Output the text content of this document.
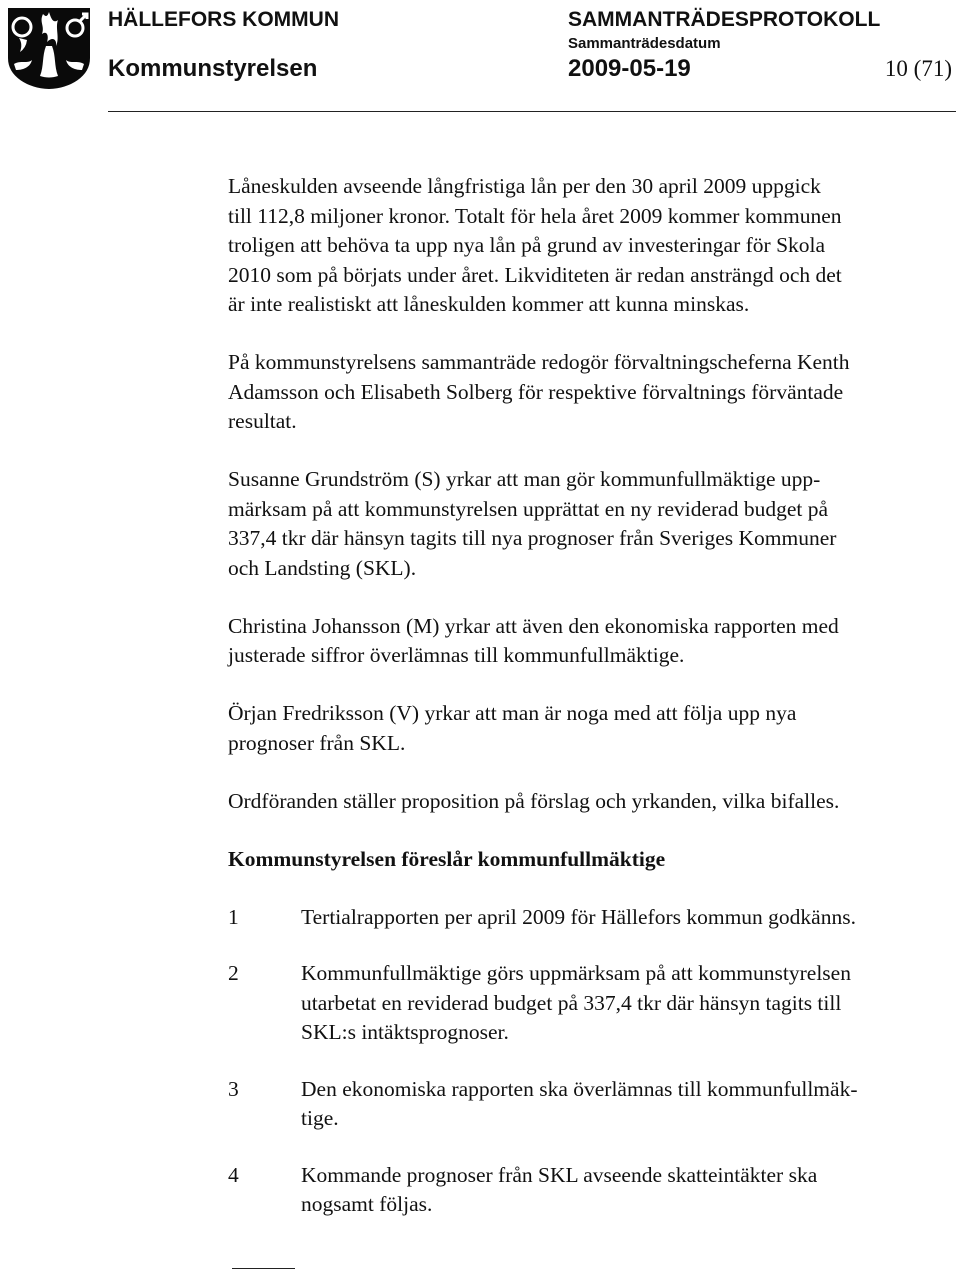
HÄLLEFORS KOMMUN
Kommunstyrelsen
SAMMANTRÄDESPROTOKOLL
Sammanträdesdatum
2009-05-19	10 (71)

Låneskulden avseende långfristiga lån per den 30 april 2009 uppgick
till 112,8 miljoner kronor. Totalt för hela året 2009 kommer kommunen
troligen att behöva ta upp nya lån på grund av investeringar för Skola
2010 som på börjats under året. Likviditeten är redan ansträngd och det
är inte realistiskt att låneskulden kommer att kunna minskas.

På kommunstyrelsens sammanträde redogör förvaltningscheferna Kenth
Adamsson och Elisabeth Solberg för respektive förvaltnings förväntade
resultat.

Susanne Grundström (S) yrkar att man gör kommunfullmäktige upp-
märksam på att kommunstyrelsen upprättat en ny reviderad budget på
337,4 tkr där hänsyn tagits till nya prognoser från Sveriges Kommuner
och Landsting (SKL).

Christina Johansson (M) yrkar att även den ekonomiska rapporten med
justerade siffror överlämnas till kommunfullmäktige.

Örjan Fredriksson (V) yrkar att man är noga med att följa upp nya
prognoser från SKL.

Ordföranden ställer proposition på förslag och yrkanden, vilka bifalles.

Kommunstyrelsen föreslår kommunfullmäktige

1	Tertialrapporten per april 2009 för Hällefors kommun godkänns.
2	Kommunfullmäktige görs uppmärksam på att kommunstyrelsen
utarbetat en reviderad budget på 337,4 tkr där hänsyn tagits till
SKL:s intäktsprognoser.
3	Den ekonomiska rapporten ska överlämnas till kommunfullmäk-
tige.
4	Kommande prognoser från SKL avseende skatteintäkter ska
nogsamt följas.
